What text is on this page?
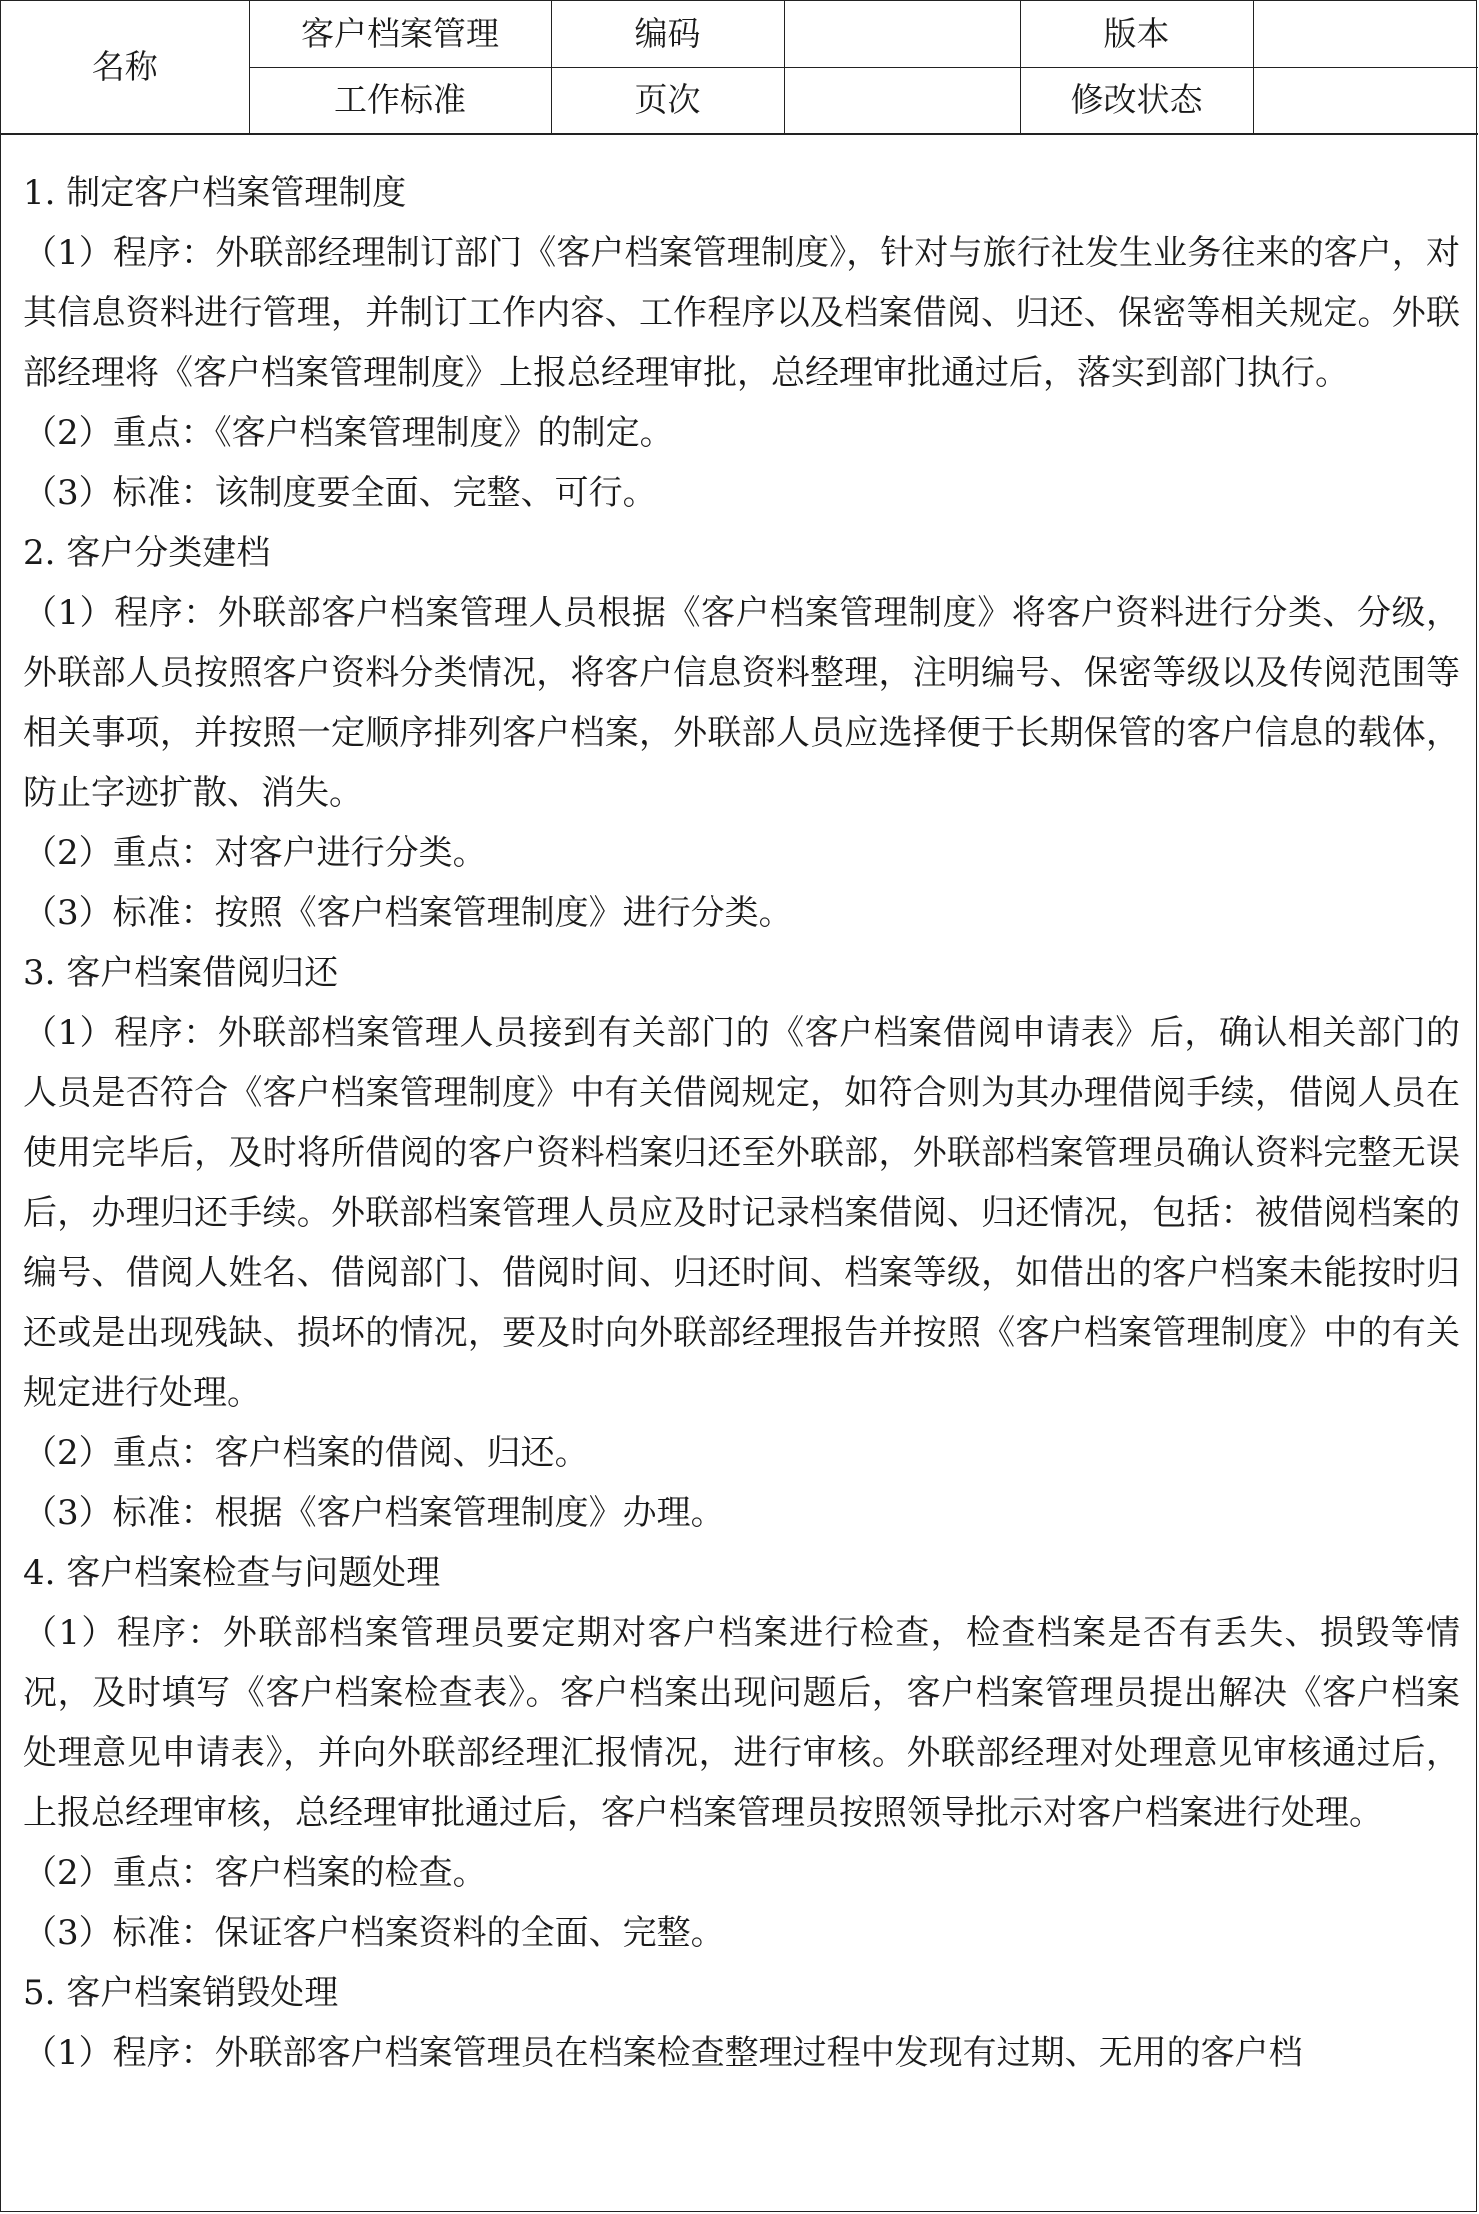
名称	客户档案管理	编码		版本	
	工作标准	页次		修改状态	

1. 制定客户档案管理制度

（1）程序：外联部经理制订部门《客户档案管理制度》，针对与旅行社发生业务往来的客户，对其信息资料进行管理，并制订工作内容、工作程序以及档案借阅、归还、保密等相关规定。外联部经理将《客户档案管理制度》上报总经理审批，总经理审批通过后，落实到部门执行。

（2）重点：《客户档案管理制度》的制定。

（3）标准：该制度要全面、完整、可行。

2. 客户分类建档

（1）程序：外联部客户档案管理人员根据《客户档案管理制度》将客户资料进行分类、分级，外联部人员按照客户资料分类情况，将客户信息资料整理，注明编号、保密等级以及传阅范围等相关事项，并按照一定顺序排列客户档案，外联部人员应选择便于长期保管的客户信息的载体，防止字迹扩散、消失。

（2）重点：对客户进行分类。

（3）标准：按照《客户档案管理制度》进行分类。

3. 客户档案借阅归还

（1）程序：外联部档案管理人员接到有关部门的《客户档案借阅申请表》后，确认相关部门的人员是否符合《客户档案管理制度》中有关借阅规定，如符合则为其办理借阅手续，借阅人员在使用完毕后，及时将所借阅的客户资料档案归还至外联部，外联部档案管理员确认资料完整无误后，办理归还手续。外联部档案管理人员应及时记录档案借阅、归还情况，包括：被借阅档案的编号、借阅人姓名、借阅部门、借阅时间、归还时间、档案等级，如借出的客户档案未能按时归还或是出现残缺、损坏的情况，要及时向外联部经理报告并按照《客户档案管理制度》中的有关规定进行处理。

（2）重点：客户档案的借阅、归还。

（3）标准：根据《客户档案管理制度》办理。

4. 客户档案检查与问题处理

（1）程序：外联部档案管理员要定期对客户档案进行检查，检查档案是否有丢失、损毁等情况，及时填写《客户档案检查表》。客户档案出现问题后，客户档案管理员提出解决《客户档案处理意见申请表》，并向外联部经理汇报情况，进行审核。外联部经理对处理意见审核通过后，上报总经理审核，总经理审批通过后，客户档案管理员按照领导批示对客户档案进行处理。

（2）重点：客户档案的检查。

（3）标准：保证客户档案资料的全面、完整。

5. 客户档案销毁处理

（1）程序：外联部客户档案管理员在档案检查整理过程中发现有过期、无用的客户档
